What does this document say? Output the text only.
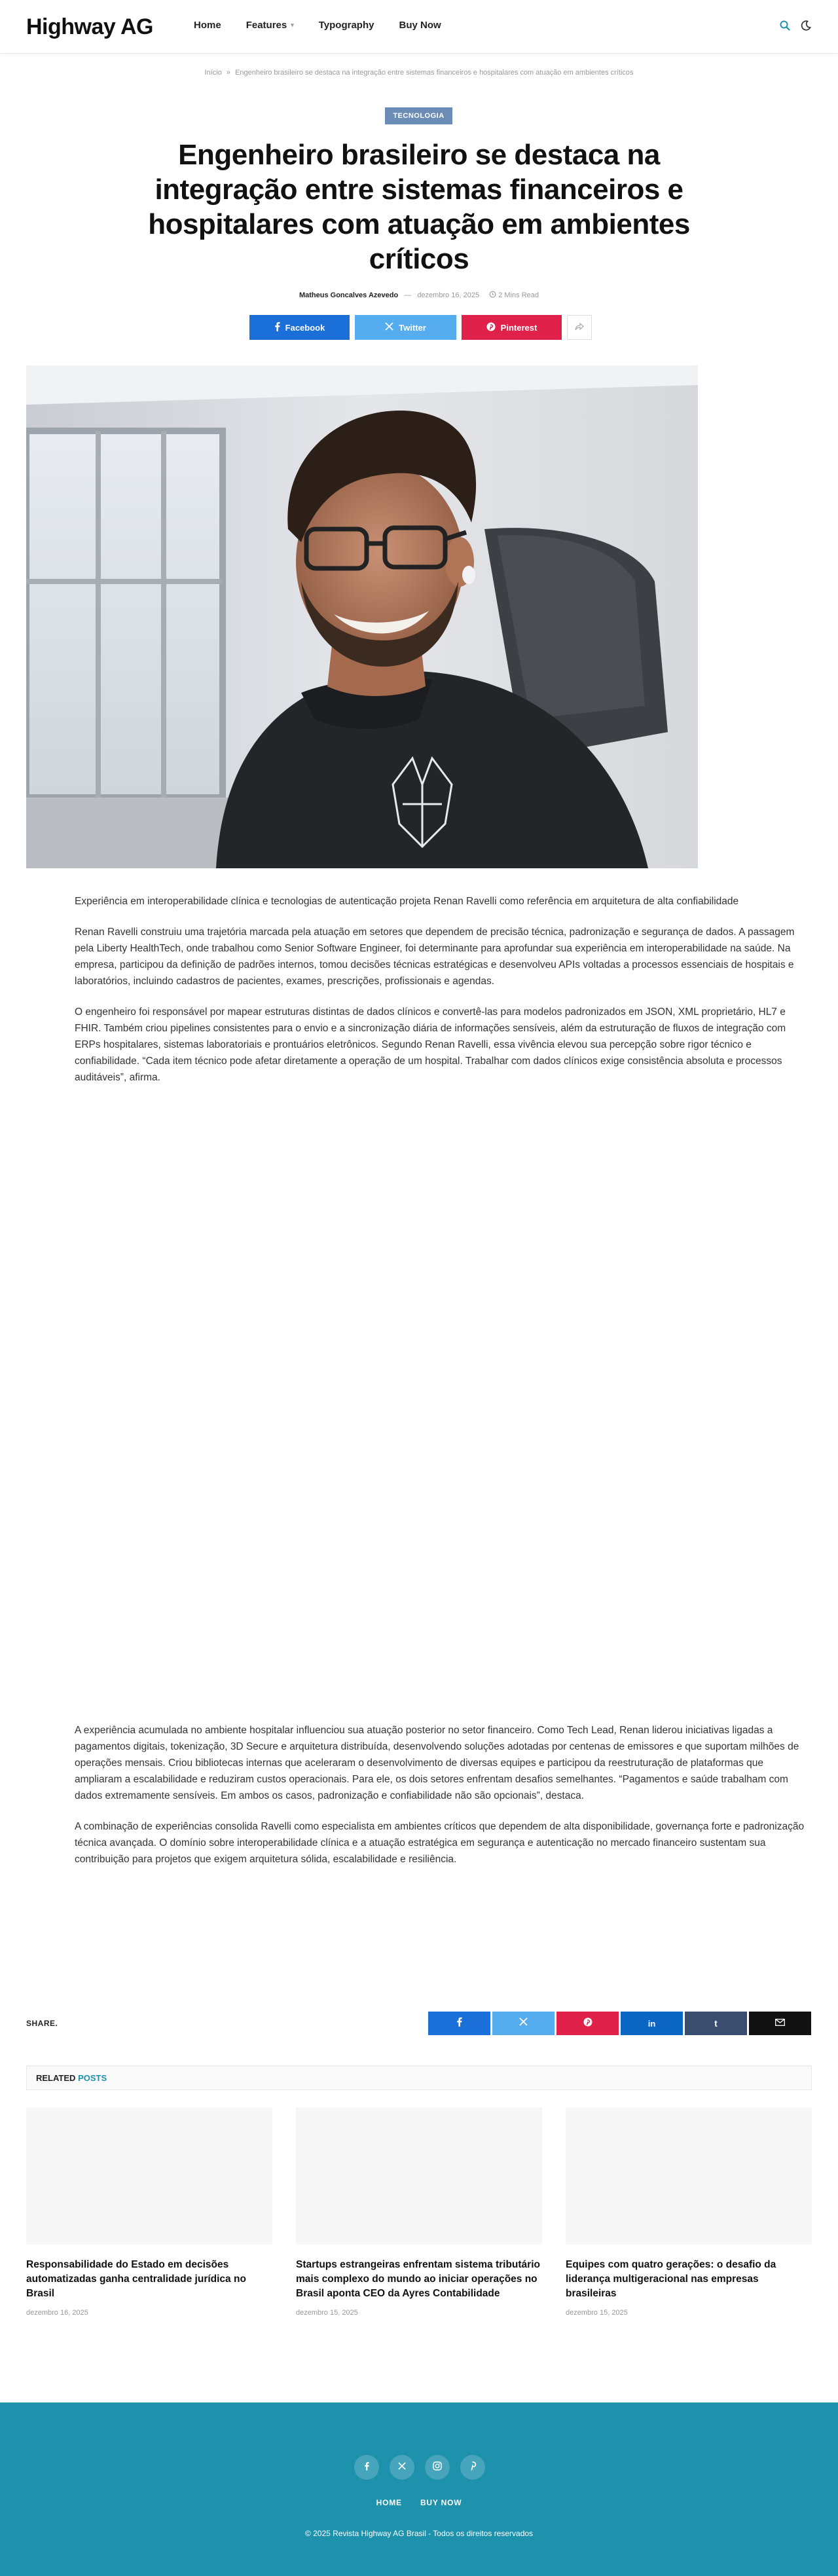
Highway AG	Home	Features ▾	Typography	Buy Now
Início » Engenheiro brasileiro se destaca na integração entre sistemas financeiros e hospitalares com atuação em ambientes críticos
TECNOLOGIA
Engenheiro brasileiro se destaca na integração entre sistemas financeiros e hospitalares com atuação em ambientes críticos
Matheus Goncalves Azevedo — dezembro 16, 2025	2 Mins Read
Facebook	Twitter	Pinterest

Experiência em interoperabilidade clínica e tecnologias de autenticação projeta Renan Ravelli como referência em arquitetura de alta confiabilidade

Renan Ravelli construiu uma trajetória marcada pela atuação em setores que dependem de precisão técnica, padronização e segurança de dados. A passagem pela Liberty HealthTech, onde trabalhou como Senior Software Engineer, foi determinante para aprofundar sua experiência em interoperabilidade na saúde. Na empresa, participou da definição de padrões internos, tomou decisões técnicas estratégicas e desenvolveu APIs voltadas a processos essenciais de hospitais e laboratórios, incluindo cadastros de pacientes, exames, prescrições, profissionais e agendas.

O engenheiro foi responsável por mapear estruturas distintas de dados clínicos e convertê-las para modelos padronizados em JSON, XML proprietário, HL7 e FHIR. Também criou pipelines consistentes para o envio e a sincronização diária de informações sensíveis, além da estruturação de fluxos de integração com ERPs hospitalares, sistemas laboratoriais e prontuários eletrônicos. Segundo Renan Ravelli, essa vivência elevou sua percepção sobre rigor técnico e confiabilidade. “Cada item técnico pode afetar diretamente a operação de um hospital. Trabalhar com dados clínicos exige consistência absoluta e processos auditáveis”, afirma.

A experiência acumulada no ambiente hospitalar influenciou sua atuação posterior no setor financeiro. Como Tech Lead, Renan liderou iniciativas ligadas a pagamentos digitais, tokenização, 3D Secure e arquitetura distribuída, desenvolvendo soluções adotadas por centenas de emissores e que suportam milhões de operações mensais. Criou bibliotecas internas que aceleraram o desenvolvimento de diversas equipes e participou da reestruturação de plataformas que ampliaram a escalabilidade e reduziram custos operacionais. Para ele, os dois setores enfrentam desafios semelhantes. “Pagamentos e saúde trabalham com dados extremamente sensíveis. Em ambos os casos, padronização e confiabilidade não são opcionais”, destaca.

A combinação de experiências consolida Ravelli como especialista em ambientes críticos que dependem de alta disponibilidade, governança forte e padronização técnica avançada. O domínio sobre interoperabilidade clínica e a atuação estratégica em segurança e autenticação no mercado financeiro sustentam sua contribuição para projetos que exigem arquitetura sólida, escalabilidade e resiliência.

SHARE.	in	t
RELATED POSTS
Responsabilidade do Estado em decisões automatizadas ganha centralidade jurídica no Brasil
dezembro 16, 2025
Startups estrangeiras enfrentam sistema tributário mais complexo do mundo ao iniciar operações no Brasil aponta CEO da Ayres Contabilidade
dezembro 15, 2025
Equipes com quatro gerações: o desafio da liderança multigeracional nas empresas brasileiras
dezembro 15, 2025
HOME BUY NOW
© 2025 Revista Highway AG Brasil - Todos os direitos reservados
